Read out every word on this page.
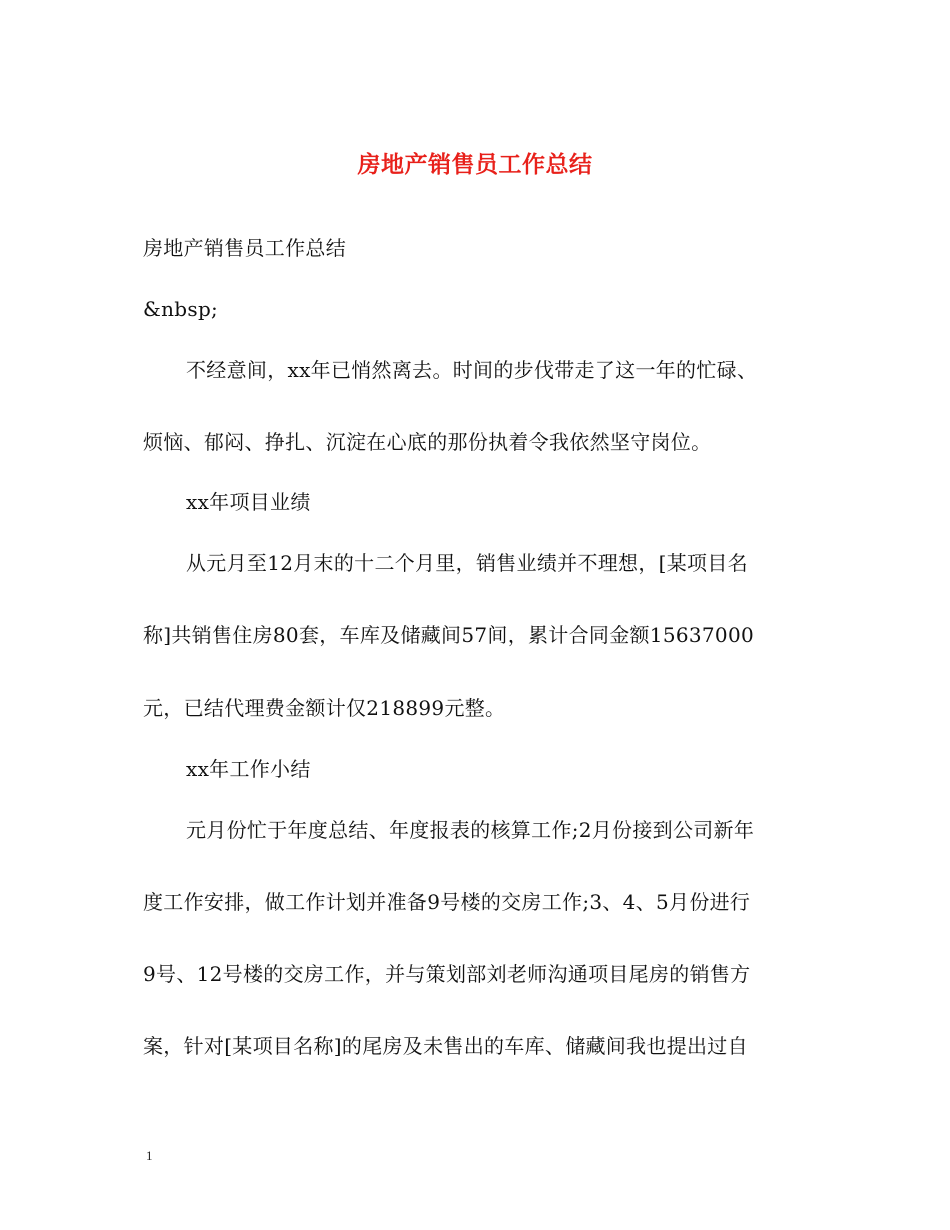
房地产销售员工作总结
房地产销售员工作总结
&nbsp;
不经意间，xx年已悄然离去。时间的步伐带走了这一年的忙碌、
烦恼、郁闷、挣扎、沉淀在心底的那份执着令我依然坚守岗位。
xx年项目业绩
从元月至12月末的十二个月里，销售业绩并不理想，[某项目名
称]共销售住房80套，车库及储藏间57间，累计合同金额15637000
元，已结代理费金额计仅218899元整。
xx年工作小结
元月份忙于年度总结、年度报表的核算工作;2月份接到公司新年
度工作安排，做工作计划并准备9号楼的交房工作;3、4、5月份进行
9号、12号楼的交房工作，并与策划部刘老师沟通项目尾房的销售方
案，针对[某项目名称]的尾房及未售出的车库、储藏间我也提出过自
1
